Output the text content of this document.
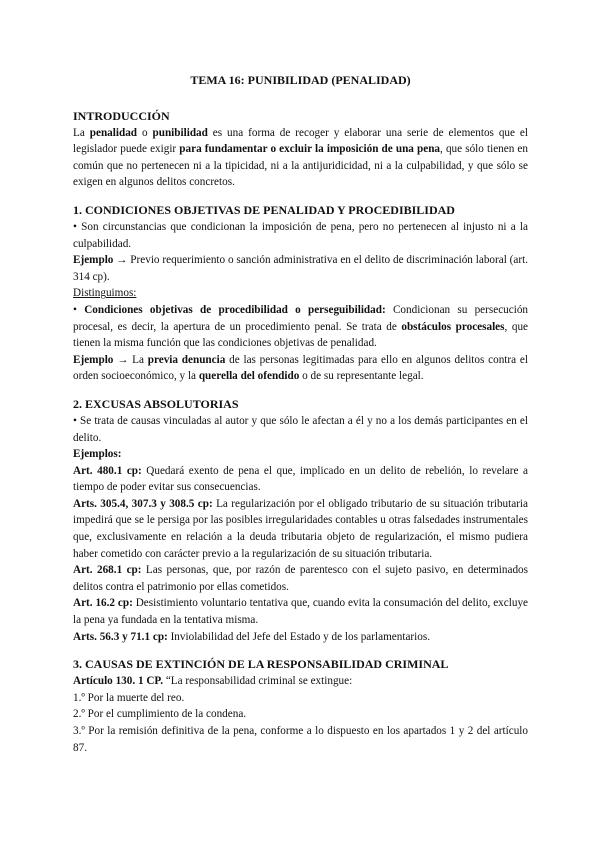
TEMA 16: PUNIBILIDAD (PENALIDAD)

INTRODUCCIÓN

La penalidad o punibilidad es una forma de recoger y elaborar una serie de elementos que el legislador puede exigir para fundamentar o excluir la imposición de una pena, que sólo tienen en común que no pertenecen ni a la tipicidad, ni a la antijuridicidad, ni a la culpabilidad, y que sólo se exigen en algunos delitos concretos.

1. CONDICIONES OBJETIVAS DE PENALIDAD Y PROCEDIBILIDAD

• Son circunstancias que condicionan la imposición de pena, pero no pertenecen al injusto ni a la culpabilidad.

Ejemplo → Previo requerimiento o sanción administrativa en el delito de discriminación laboral (art. 314 cp).

Distinguimos:

• Condiciones objetivas de procedibilidad o perseguibilidad: Condicionan su persecución procesal, es decir, la apertura de un procedimiento penal. Se trata de obstáculos procesales, que tienen la misma función que las condiciones objetivas de penalidad.

Ejemplo → La previa denuncia de las personas legitimadas para ello en algunos delitos contra el orden socioeconómico, y la querella del ofendido o de su representante legal.

2. EXCUSAS ABSOLUTORIAS

• Se trata de causas vinculadas al autor y que sólo le afectan a él y no a los demás participantes en el delito.

Ejemplos:

Art. 480.1 cp: Quedará exento de pena el que, implicado en un delito de rebelión, lo revelare a tiempo de poder evitar sus consecuencias.

Arts. 305.4, 307.3 y 308.5 cp: La regularización por el obligado tributario de su situación tributaria impedirá que se le persiga por las posibles irregularidades contables u otras falsedades instrumentales que, exclusivamente en relación a la deuda tributaria objeto de regularización, el mismo pudiera haber cometido con carácter previo a la regularización de su situación tributaria.

Art. 268.1 cp: Las personas, que, por razón de parentesco con el sujeto pasivo, en determinados delitos contra el patrimonio por ellas cometidos.

Art. 16.2 cp: Desistimiento voluntario tentativa que, cuando evita la consumación del delito, excluye la pena ya fundada en la tentativa misma.

Arts. 56.3 y 71.1 cp: Inviolabilidad del Jefe del Estado y de los parlamentarios.

3. CAUSAS DE EXTINCIÓN DE LA RESPONSABILIDAD CRIMINAL

Artículo 130. 1 CP. “La responsabilidad criminal se extingue:

1.º Por la muerte del reo.

2.º Por el cumplimiento de la condena.

3.º Por la remisión definitiva de la pena, conforme a lo dispuesto en los apartados 1 y 2 del artículo 87.
